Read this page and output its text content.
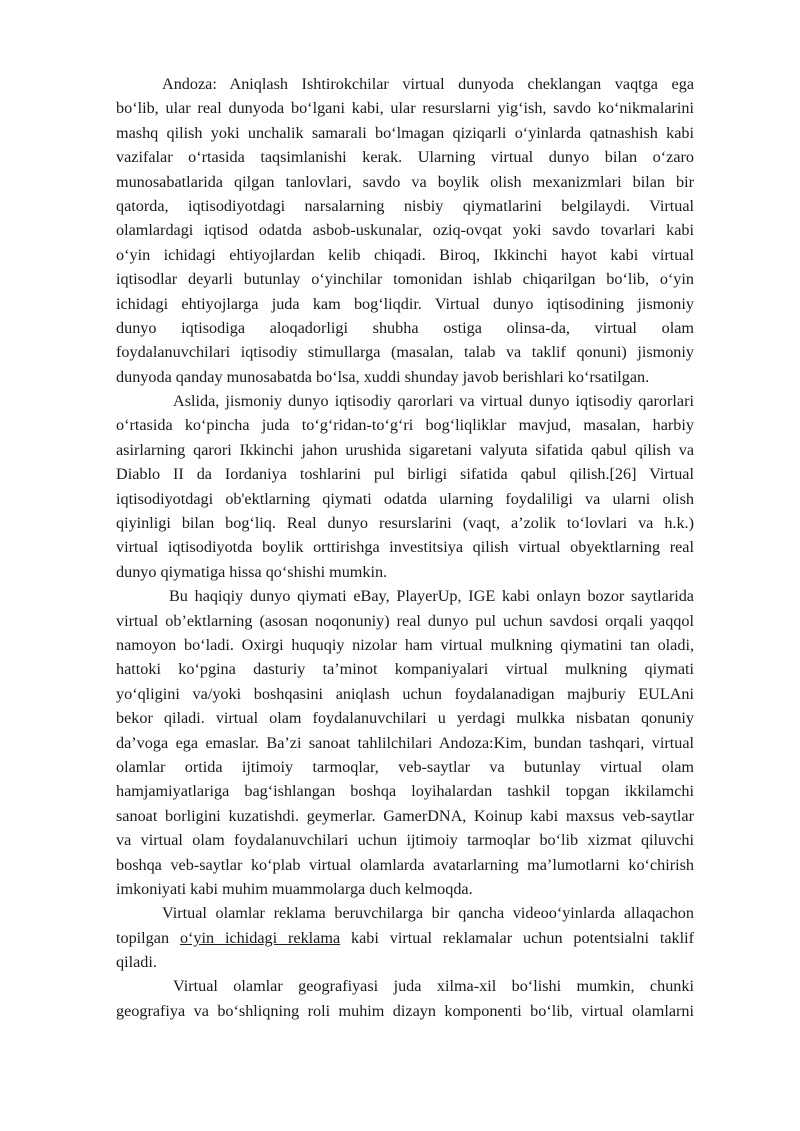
Andoza: Aniqlash Ishtirokchilar virtual dunyoda cheklangan vaqtga ega
bo‘lib, ular real dunyoda bo‘lgani kabi, ular resurslarni yig‘ish, savdo ko‘nikmalarini
mashq qilish yoki unchalik samarali bo‘lmagan qiziqarli o‘yinlarda qatnashish kabi
vazifalar o‘rtasida taqsimlanishi kerak. Ularning virtual dunyo bilan o‘zaro
munosabatlarida qilgan tanlovlari, savdo va boylik olish mexanizmlari bilan bir
qatorda, iqtisodiyotdagi narsalarning nisbiy qiymatlarini belgilaydi. Virtual
olamlardagi iqtisod odatda asbob-uskunalar, oziq-ovqat yoki savdo tovarlari kabi
o‘yin ichidagi ehtiyojlardan kelib chiqadi. Biroq, Ikkinchi hayot kabi virtual
iqtisodlar deyarli butunlay o‘yinchilar tomonidan ishlab chiqarilgan bo‘lib, o‘yin
ichidagi ehtiyojlarga juda kam bog‘liqdir. Virtual dunyo iqtisodining jismoniy
dunyo iqtisodiga aloqadorligi shubha ostiga olinsa-da, virtual olam
foydalanuvchilari iqtisodiy stimullarga (masalan, talab va taklif qonuni) jismoniy
dunyoda qanday munosabatda bo‘lsa, xuddi shunday javob berishlari ko‘rsatilgan.
Aslida, jismoniy dunyo iqtisodiy qarorlari va virtual dunyo iqtisodiy qarorlari
o‘rtasida ko‘pincha juda to‘g‘ridan-to‘g‘ri bog‘liqliklar mavjud, masalan, harbiy
asirlarning qarori Ikkinchi jahon urushida sigaretani valyuta sifatida qabul qilish va
Diablo II da Iordaniya toshlarini pul birligi sifatida qabul qilish.[26] Virtual
iqtisodiyotdagi ob'ektlarning qiymati odatda ularning foydaliligi va ularni olish
qiyinligi bilan bog‘liq. Real dunyo resurslarini (vaqt, a’zolik to‘lovlari va h.k.)
virtual iqtisodiyotda boylik orttirishga investitsiya qilish virtual obyektlarning real
dunyo qiymatiga hissa qo‘shishi mumkin.
Bu haqiqiy dunyo qiymati eBay, PlayerUp, IGE kabi onlayn bozor saytlarida
virtual ob’ektlarning (asosan noqonuniy) real dunyo pul uchun savdosi orqali yaqqol
namoyon bo‘ladi. Oxirgi huquqiy nizolar ham virtual mulkning qiymatini tan oladi,
hattoki ko‘pgina dasturiy ta’minot kompaniyalari virtual mulkning qiymati
yo‘qligini va/yoki boshqasini aniqlash uchun foydalanadigan majburiy EULAni
bekor qiladi. virtual olam foydalanuvchilari u yerdagi mulkka nisbatan qonuniy
da’voga ega emaslar. Ba’zi sanoat tahlilchilari Andoza:Kim, bundan tashqari, virtual
olamlar ortida ijtimoiy tarmoqlar, veb-saytlar va butunlay virtual olam
hamjamiyatlariga bag‘ishlangan boshqa loyihalardan tashkil topgan ikkilamchi
sanoat borligini kuzatishdi. geymerlar. GamerDNA, Koinup kabi maxsus veb-saytlar
va virtual olam foydalanuvchilari uchun ijtimoiy tarmoqlar bo‘lib xizmat qiluvchi
boshqa veb-saytlar ko‘plab virtual olamlarda avatarlarning ma’lumotlarni ko‘chirish
imkoniyati kabi muhim muammolarga duch kelmoqda.
Virtual olamlar reklama beruvchilarga bir qancha videoo‘yinlarda allaqachon
topilgan o‘yin ichidagi reklama kabi virtual reklamalar uchun potentsialni taklif
qiladi.
Virtual olamlar geografiyasi juda xilma-xil bo‘lishi mumkin, chunki
geografiya va bo‘shliqning roli muhim dizayn komponenti bo‘lib, virtual olamlarni
